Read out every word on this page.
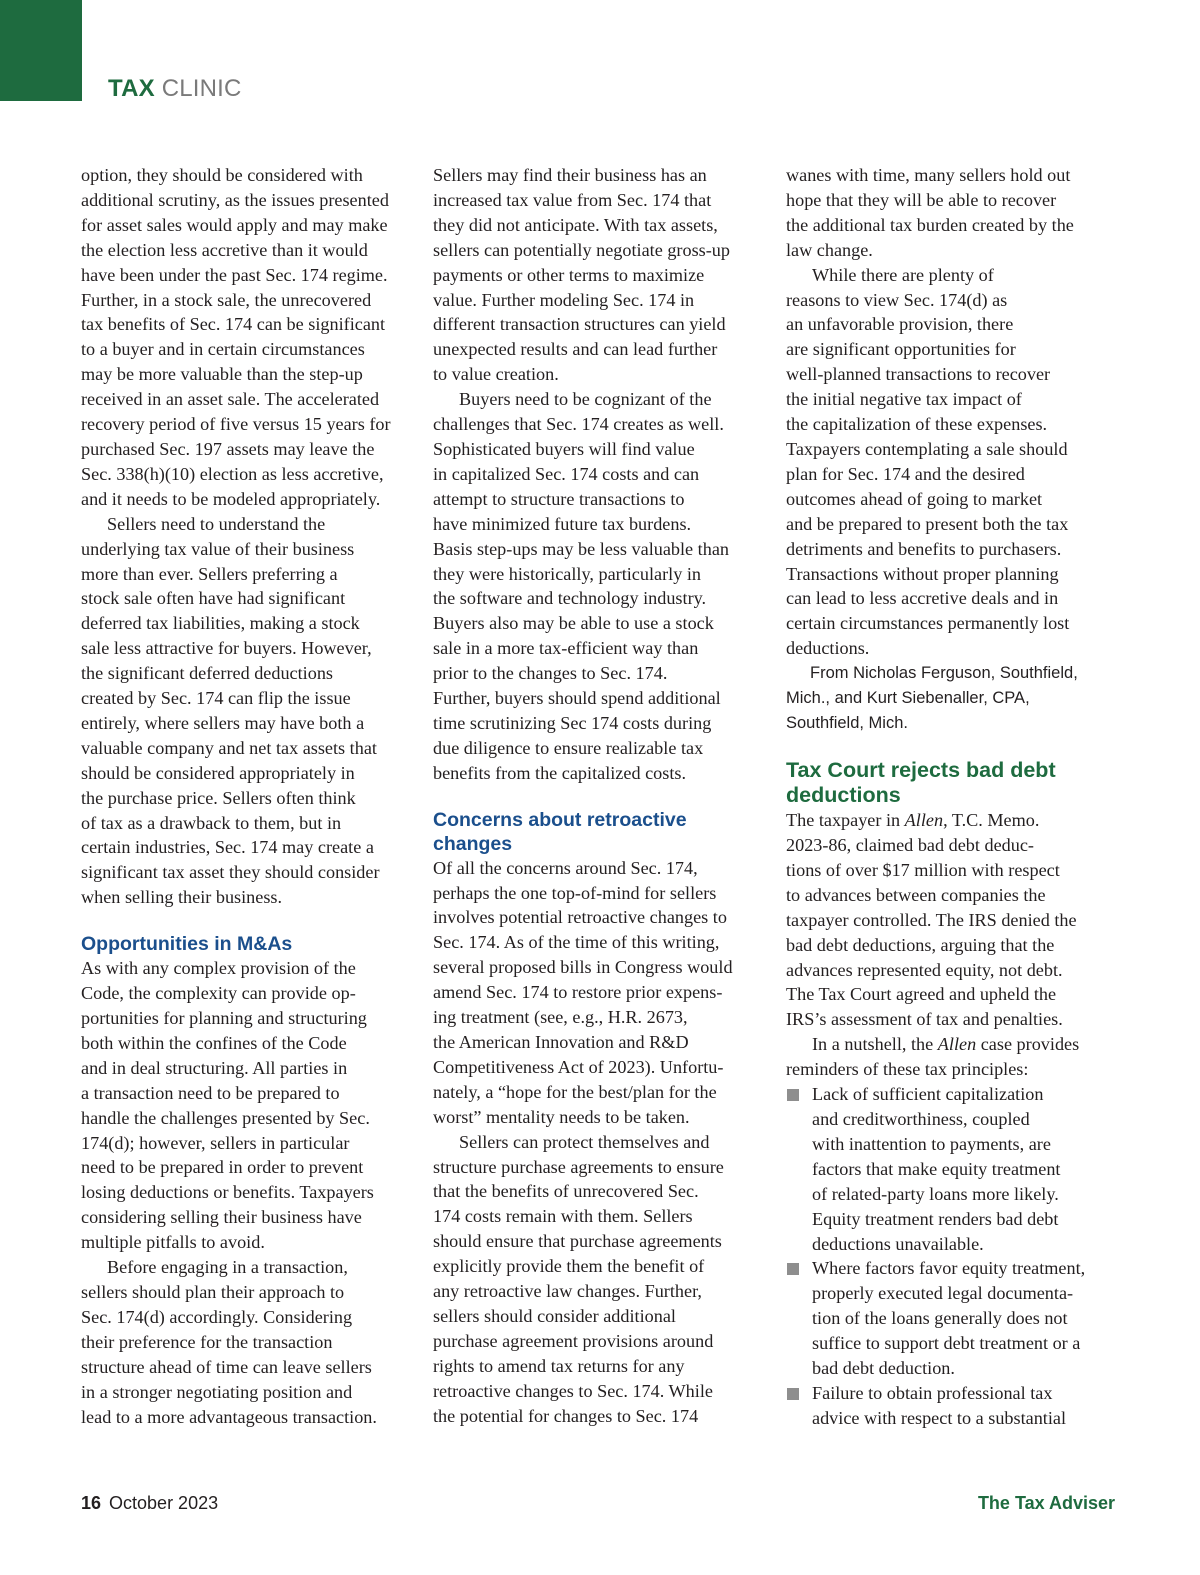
TAX CLINIC

option, they should be considered with

additional scrutiny, as the issues presented

for asset sales would apply and may make

the election less accretive than it would

have been under the past Sec. 174 regime.

Further, in a stock sale, the unrecovered

tax benefits of Sec. 174 can be significant

to a buyer and in certain circumstances

may be more valuable than the step-up

received in an asset sale. The accelerated

recovery period of five versus 15 years for

purchased Sec. 197 assets may leave the

Sec. 338(h)(10) election as less accretive,

and it needs to be modeled appropriately.

Sellers need to understand the

underlying tax value of their business

more than ever. Sellers preferring a

stock sale often have had significant

deferred tax liabilities, making a stock

sale less attractive for buyers. However,

the significant deferred deductions

created by Sec. 174 can flip the issue

entirely, where sellers may have both a

valuable company and net tax assets that

should be considered appropriately in

the purchase price. Sellers often think

of tax as a drawback to them, but in

certain industries, Sec. 174 may create a

significant tax asset they should consider

when selling their business.

Opportunities in M&As

As with any complex provision of the

Code, the complexity can provide op-

portunities for planning and structuring

both within the confines of the Code

and in deal structuring. All parties in

a transaction need to be prepared to

handle the challenges presented by Sec.

174(d); however, sellers in particular

need to be prepared in order to prevent

losing deductions or benefits. Taxpayers

considering selling their business have

multiple pitfalls to avoid.

Before engaging in a transaction,

sellers should plan their approach to

Sec. 174(d) accordingly. Considering

their preference for the transaction

structure ahead of time can leave sellers

in a stronger negotiating position and

lead to a more advantageous transaction.

Sellers may find their business has an

increased tax value from Sec. 174 that

they did not anticipate. With tax assets,

sellers can potentially negotiate gross-up

payments or other terms to maximize

value. Further modeling Sec. 174 in

different transaction structures can yield

unexpected results and can lead further

to value creation.

Buyers need to be cognizant of the

challenges that Sec. 174 creates as well.

Sophisticated buyers will find value

in capitalized Sec. 174 costs and can

attempt to structure transactions to

have minimized future tax burdens.

Basis step-ups may be less valuable than

they were historically, particularly in

the software and technology industry.

Buyers also may be able to use a stock

sale in a more tax-efficient way than

prior to the changes to Sec. 174.

Further, buyers should spend additional

time scrutinizing Sec 174 costs during

due diligence to ensure realizable tax

benefits from the capitalized costs.

Concerns about retroactive
changes

Of all the concerns around Sec. 174,

perhaps the one top-of-mind for sellers

involves potential retroactive changes to

Sec. 174. As of the time of this writing,

several proposed bills in Congress would

amend Sec. 174 to restore prior expens-

ing treatment (see, e.g., H.R. 2673,

the American Innovation and R&D

Competitiveness Act of 2023). Unfortu-

nately, a “hope for the best/plan for the

worst” mentality needs to be taken.

Sellers can protect themselves and

structure purchase agreements to ensure

that the benefits of unrecovered Sec.

174 costs remain with them. Sellers

should ensure that purchase agreements

explicitly provide them the benefit of

any retroactive law changes. Further,

sellers should consider additional

purchase agreement provisions around

rights to amend tax returns for any

retroactive changes to Sec. 174. While

the potential for changes to Sec. 174

wanes with time, many sellers hold out

hope that they will be able to recover

the additional tax burden created by the

law change.

While there are plenty of

reasons to view Sec. 174(d) as

an unfavorable provision, there

are significant opportunities for

well-planned transactions to recover

the initial negative tax impact of

the capitalization of these expenses.

Taxpayers contemplating a sale should

plan for Sec. 174 and the desired

outcomes ahead of going to market

and be prepared to present both the tax

detriments and benefits to purchasers.

Transactions without proper planning

can lead to less accretive deals and in

certain circumstances permanently lost

deductions.

From Nicholas Ferguson, Southfield,

Mich., and Kurt Siebenaller, CPA,

Southfield, Mich.

Tax Court rejects bad debt
deductions

The taxpayer in Allen, T.C. Memo.

2023-86, claimed bad debt deduc-

tions of over $17 million with respect

to advances between companies the

taxpayer controlled. The IRS denied the

bad debt deductions, arguing that the

advances represented equity, not debt.

The Tax Court agreed and upheld the

IRS’s assessment of tax and penalties.

In a nutshell, the Allen case provides

reminders of these tax principles:

Lack of sufficient capitalization

and creditworthiness, coupled

with inattention to payments, are

factors that make equity treatment

of related-party loans more likely.

Equity treatment renders bad debt

deductions unavailable.

Where factors favor equity treatment,

properly executed legal documenta-

tion of the loans generally does not

suffice to support debt treatment or a

bad debt deduction.

Failure to obtain professional tax

advice with respect to a substantial

16 October 2023	The Tax Adviser
